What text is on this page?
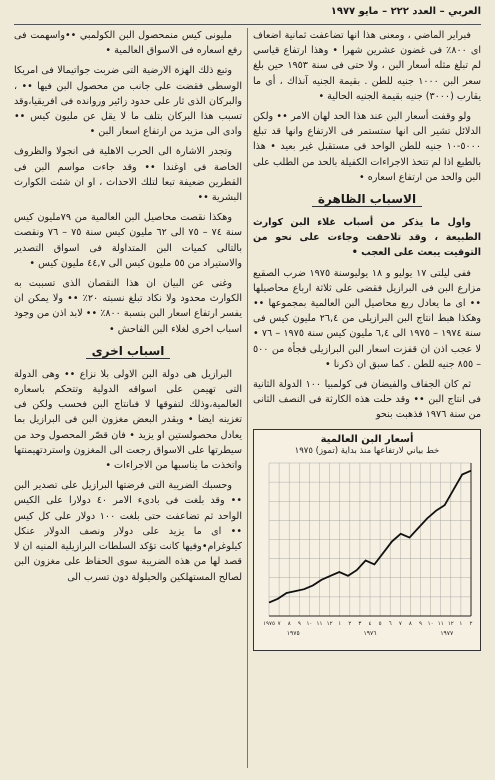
العربي – العدد ٢٢٢ – مايو ١٩٧٧

فبراير الماضي ، ومعنى هذا انها تضاعفت ثمانية اضعاف اى ٨٠٠٪ فى غضون عشرين شهرا • وهذا ارتفاع قياسي لم تبلغ مثله أسعار البن ، ولا حتى فى سنة ١٩٥٣ حين بلغ سعر البن ١٠٠٠ جنيه للطن . بقيمة الجنيه آنذاك ، أى ما يقارب (٣٠٠٠) جنيه بقيمة الجنيه الحالية •

ولو وقفت أسعار البن عند هذا الحد لهان الامر •• ولكن الدلائل تشير الى انها ستستمر فى الارتفاع وانها قد تبلغ ٥٠٠٠-١٠ جنيه للطن الواحد فى مستقبل غير بعيد • هذا بالطبع اذا لم تتخذ الاجراءات الكفيلة بالحد من الطلب على البن والحد من ارتفاع اسعاره •

الاسباب الظاهرة

واول ما يذكر من أسباب غلاء البن كوارث الطبيعة ، وقد تلاحقت وجاءت على نحو من التوقيت يبعث على العجب •

ففى ليلتى ١٧ يوليو و ١٨ يوليوسنة ١٩٧٥ ضرب الصقيع مزارع البن فى البرازيل فقضى على ثلاثة ارباع محاصيلها •• اى ما يعادل ربع محاصيل البن العالمية بمجموعها •• وهكذا هبط انتاج البن البرازيلى من ٢٦,٤ مليون كيس فى سنة ١٩٧٤ – ١٩٧٥ الى ٦,٤ مليون كيس سنة ١٩٧٥ – ٧٦ • لا عجب اذن ان قفزت اسعار البن البرازيلى فجأة من ٥٠٠ – ٨٥٥ جنيه للطن . كما سبق ان ذكرنا •

ثم كان الجفاف والفيضان فى كولمبيا ١٠٠ الدولة الثانية فى انتاج البن •• وقد حلت هذه الكارثة فى النصف الثانى من سنة ١٩٧٦ فذهبت بنحو

أسعار البن العالمية
خط بياني لارتفاعها منذ بداية (تموز) ١٩٧٥
١٩٧٥ ٧ ٨ ٩ ١٠ ١١ ١٢ ١ ٢ ٣ ٤ ٥ ٦ ٧ ٨ ٩ ١٠ ١١ ١٢ ١ ٢
١٩٧٥	١٩٧٦	١٩٧٧

مليونى كيس منمحصول البن الكولمبي ••واسهمت فى رفع اسعاره فى الاسواق العالمية •

وتبع ذلك الهزة الارضية التى ضربت جواتيمالا فى امريكا الوسطى فقضت على جانب من محصول البن فيها •• ، والبركان الذى ثار على حدود زائير وروانده فى افريقيا،وقد تسبب هذا البركان بتلف ما لا يقل عن مليون كيس •• وادى الى مزيد من ارتفاع اسعار البن •

وتجدر الاشارة الى الحرب الاهلية فى انجولا والظروف الخاصة فى اوغندا •• وقد جاءت مواسم البن فى القطرين ضعيفة تبعا لتلك الاحداث ، او ان شئت الكوارث البشرية ••

وهكذا نقصت محاصيل البن العالمية من ٧٩مليون كيس سنة ٧٤ – ٧٥ الى ٦٢ مليون كيس سنة ٧٥ – ٧٦ ونقصت بالتالى كميات البن المتداولة فى اسواق التصدير والاستيراد من ٥٥ مليون كيس الى ٤٤,٧ مليون كيس •

وغنى عن البيان ان هذا النقصان الذى تسببت به الكوارث محدود ولا نكاد تبلغ نسبته ٢٠٪ •• ولا يمكن ان يفسر ارتفاع اسعار البن بنسبة ٨٠٠٪ •• لابد اذن من وجود اسباب اخرى لغلاء البن الفاحش •

اسباب اخرى

البرازيل هى دولة البن الاولى بلا نزاع •• وهى الدولة التى تهيمن على اسواقه الدولية وتتحكم باسعاره العالمية،وذلك لتفوقها لا فىانتاج البن فحسب ولكن فى تغزينه ايضا • ويقدر البعض مغزون البن فى البرازيل بما يعادل محصولستين او يزيد • فان قصّر المحصول وحد من سيطرتها على الاسواق رجعت الى المغزون واستردتهيمنتها واتخذت ما يناسبها من الاجراءات •

وحسبك الضريبة التى فرضتها البرازيل على تصدير البن •• وقد بلغت فى بادىء الامر ٤٠ دولارا على الكيس الواحد ثم تضاعفت حتى بلغت ١٠٠ دولار على كل كيس •• اى ما يزيد على دولار ونصف الدولار عنكل كيلوغرام•وفيها كانت تؤكد السلطات البرازيلية المنيه ان لا قصد لها من هذه الضريبة سوى الحفاظ على مغزون البن لصالح المستهلكين والحيلولة دون تسرب الى
